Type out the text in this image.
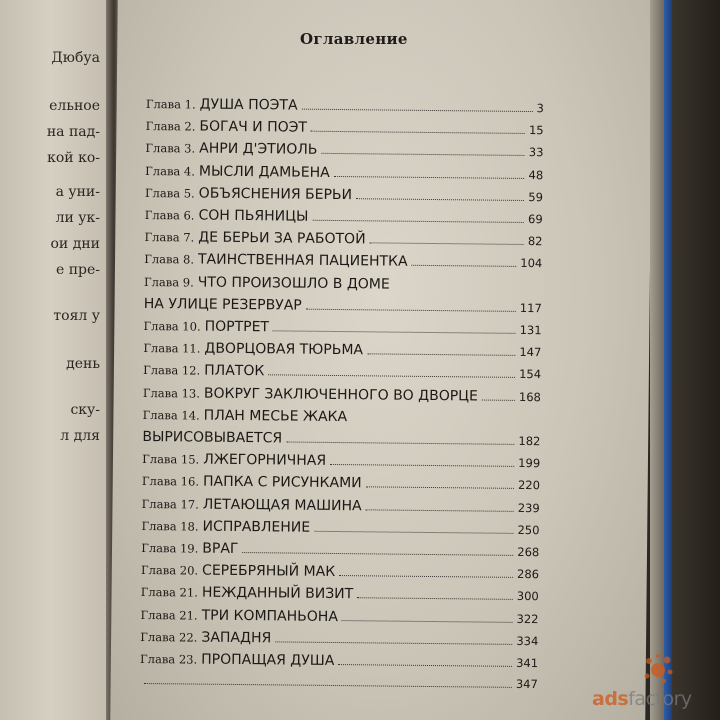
Дюбуа
ельное
на пад-
кой ко-
а уни-
ли ук-
ои дни
е пре-
тоял у
день
ску-
л для
Оглавление
Глава 1. ДУША ПОЭТА	3
Глава 2. БОГАЧ И ПОЭТ	15
Глава 3. АНРИ Д'ЭТИОЛЬ	33
Глава 4. МЫСЛИ ДАМЬЕНА	48
Глава 5. ОБЪЯСНЕНИЯ БЕРЬИ	59
Глава 6. СОН ПЬЯНИЦЫ	69
Глава 7. ДЕ БЕРЬИ ЗА РАБОТОЙ	82
Глава 8. ТАИНСТВЕННАЯ ПАЦИЕНТКА	104
Глава 9. ЧТО ПРОИЗОШЛО В ДОМЕ
НА УЛИЦЕ РЕЗЕРВУАР	117
Глава 10. ПОРТРЕТ	131
Глава 11. ДВОРЦОВАЯ ТЮРЬМА	147
Глава 12. ПЛАТОК	154
Глава 13. ВОКРУГ ЗАКЛЮЧЕННОГО ВО ДВОРЦЕ	168
Глава 14. ПЛАН МЕСЬЕ ЖАКА
ВЫРИСОВЫВАЕТСЯ	182
Глава 15. ЛЖЕГОРНИЧНАЯ	199
Глава 16. ПАПКА С РИСУНКАМИ	220
Глава 17. ЛЕТАЮЩАЯ МАШИНА	239
Глава 18. ИСПРАВЛЕНИЕ	250
Глава 19. ВРАГ	268
Глава 20. СЕРЕБРЯНЫЙ МАК	286
Глава 21. НЕЖДАННЫЙ ВИЗИТ	300
Глава 21. ТРИ КОМПАНЬОНА	322
Глава 22. ЗАПАДНЯ	334
Глава 23. ПРОПАЩАЯ ДУША	341
347
adsfactory
